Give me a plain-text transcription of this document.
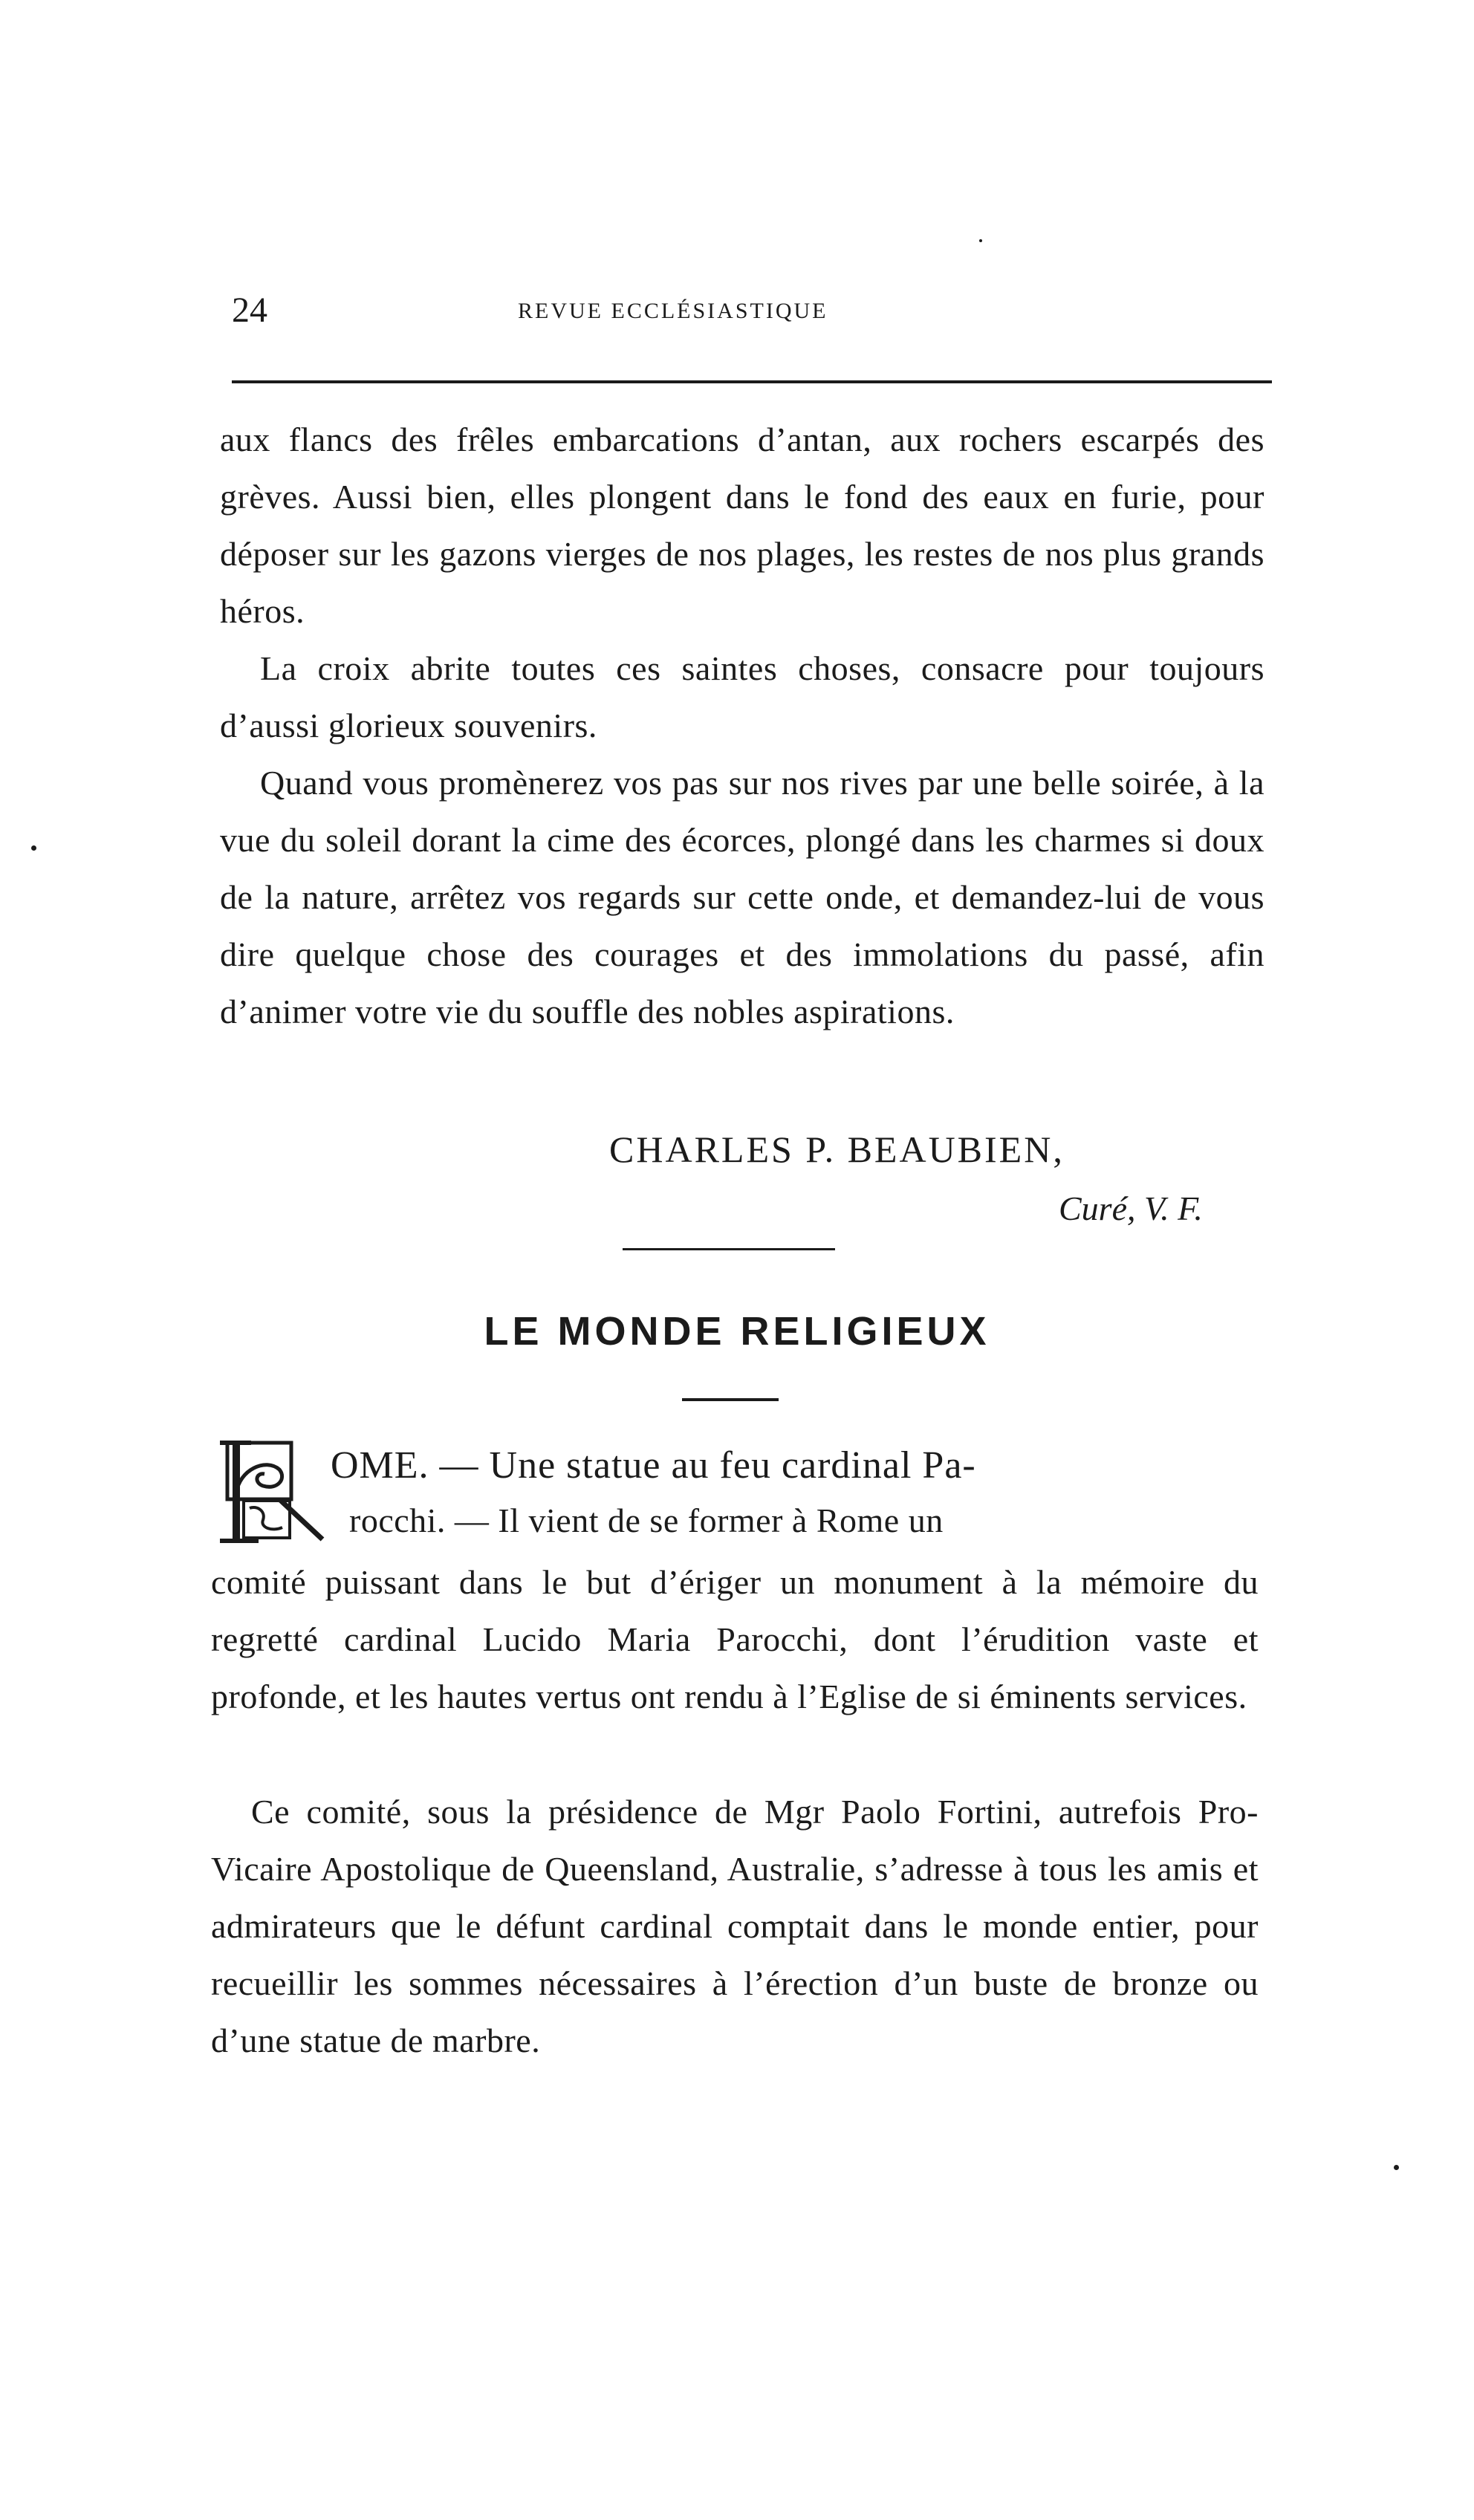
24	REVUE ECCLÉSIASTIQUE

aux flancs des frêles embarcations d’antan, aux rochers escarpés des grèves. Aussi bien, elles plongent dans le fond des eaux en furie, pour déposer sur les gazons vierges de nos plages, les restes de nos plus grands héros.

La croix abrite toutes ces saintes choses, consacre pour toujours d’aussi glorieux souvenirs.

Quand vous promènerez vos pas sur nos rives par une belle soirée, à la vue du soleil dorant la cime des écorces, plongé dans les charmes si doux de la nature, arrêtez vos regards sur cette onde, et demandez-lui de vous dire quelque chose des courages et des immolations du passé, afin d’animer votre vie du souffle des nobles aspirations.

CHARLES P. BEAUBIEN,
Curé, V. F.
LE MONDE RELIGIEUX
OME. — Une statue au feu cardinal Pa-
rocchi. — Il vient de se former à Rome un

comité puissant dans le but d’ériger un monument à la mémoire du regretté cardinal Lucido Maria Parocchi, dont l’érudition vaste et profonde, et les hautes vertus ont rendu à l’Eglise de si éminents services.

Ce comité, sous la présidence de Mgr Paolo Fortini, autrefois Pro-Vicaire Apostolique de Queensland, Australie, s’adresse à tous les amis et admirateurs que le défunt cardinal comptait dans le monde entier, pour recueillir les sommes nécessaires à l’érection d’un buste de bronze ou d’une statue de marbre.
